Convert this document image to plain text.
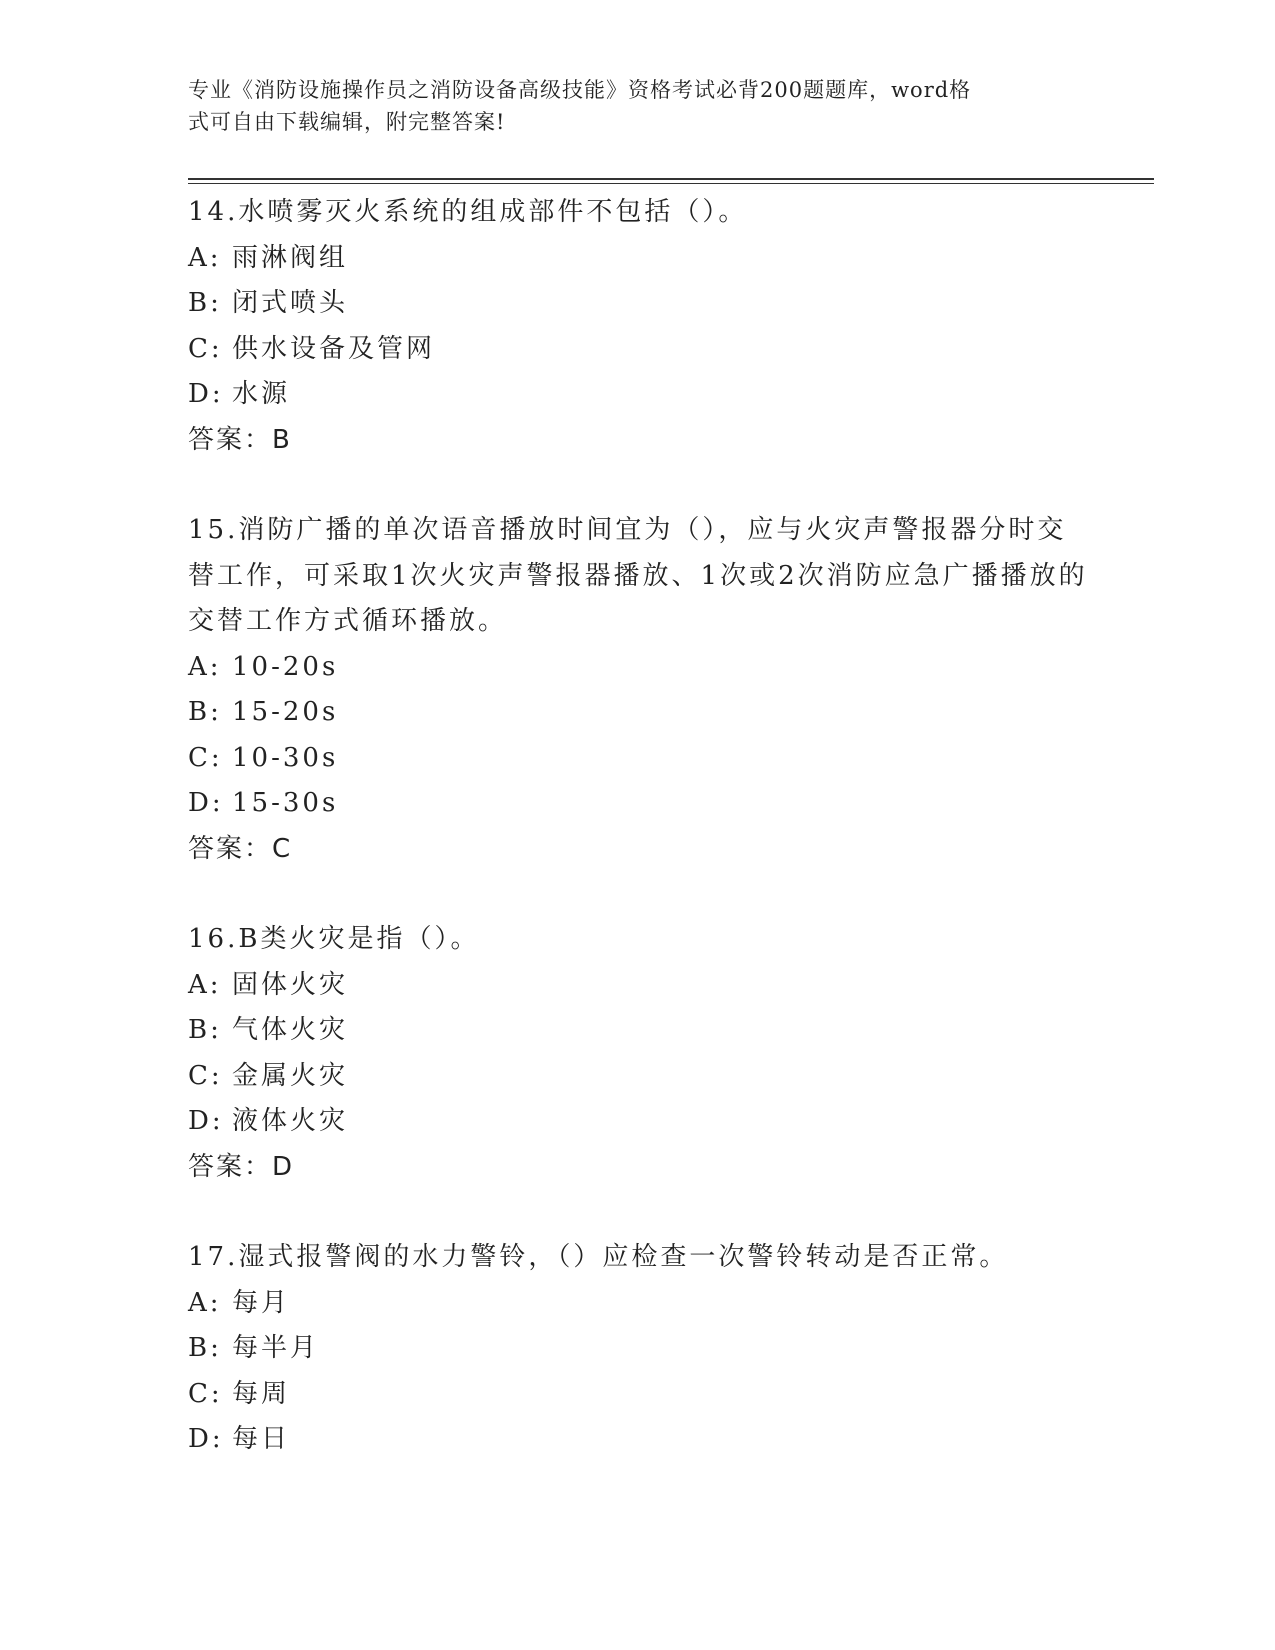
专业《消防设施操作员之消防设备高级技能》资格考试必背200题题库，word格
式可自由下载编辑，附完整答案!
14.水喷雾灭火系统的组成部件不包括（）。
A: 雨淋阀组
B: 闭式喷头
C: 供水设备及管网
D: 水源
答案：B
15.消防广播的单次语音播放时间宜为（），应与火灾声警报器分时交替工作，可采取1次火灾声警报器播放、1次或2次消防应急广播播放的交替工作方式循环播放。
A: 10-20s
B: 15-20s
C: 10-30s
D: 15-30s
答案：C
16.B类火灾是指（）。
A: 固体火灾
B: 气体火灾
C: 金属火灾
D: 液体火灾
答案：D
17.湿式报警阀的水力警铃，（）应检查一次警铃转动是否正常。
A: 每月
B: 每半月
C: 每周
D: 每日
